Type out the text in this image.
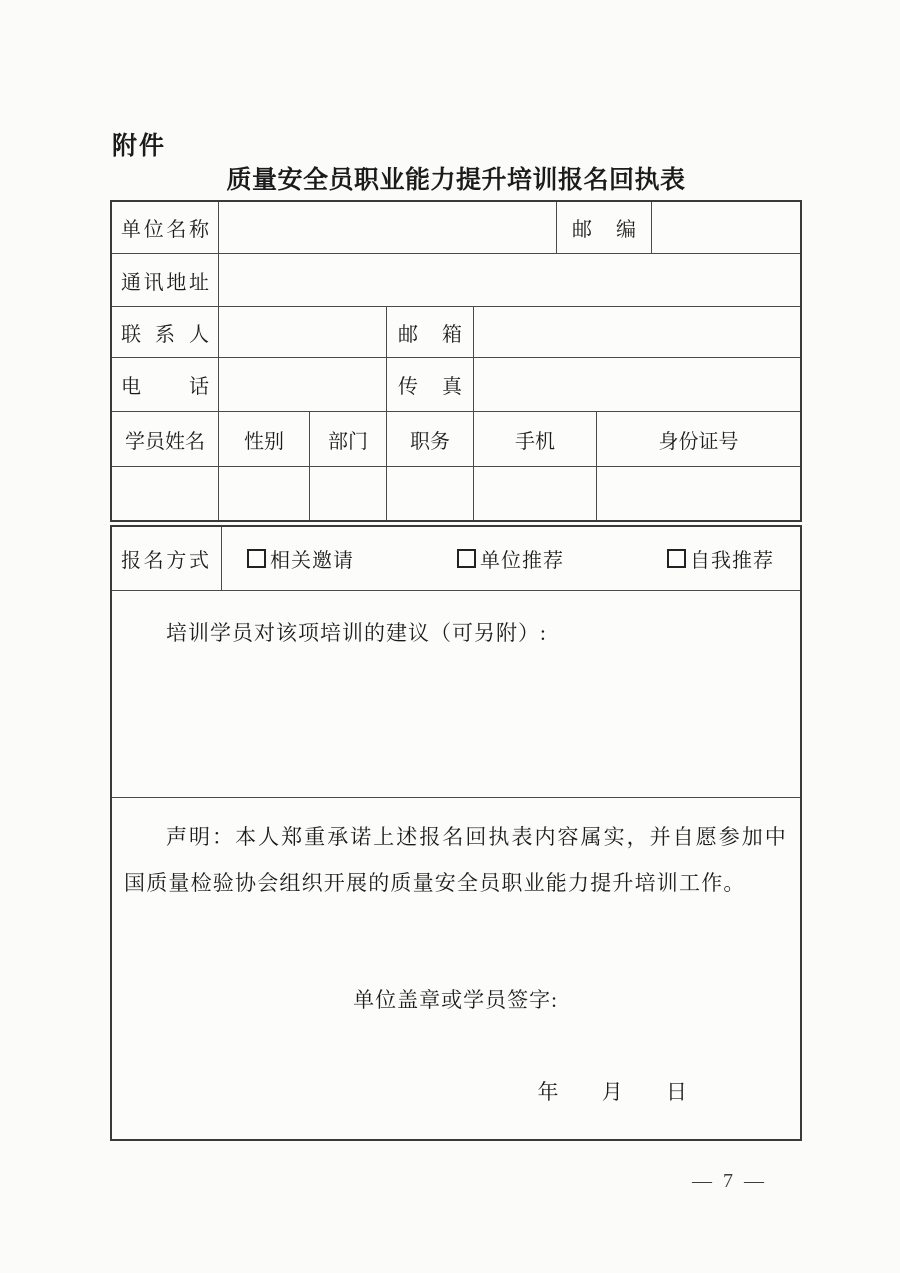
附件
质量安全员职业能力提升培训报名回执表
单位名称	邮编
通讯地址
联系人	邮箱
电话	传真
学员姓名	性别	部门	职务	手机	身份证号
报名方式	相关邀请	单位推荐	自我推荐
培训学员对该项培训的建议（可另附）:

声明：本人郑重承诺上述报名回执表内容属实，并自愿参加中国质量检验协会组织开展的质量安全员职业能力提升培训工作。

单位盖章或学员签字:
年 月 日
— 7 —
